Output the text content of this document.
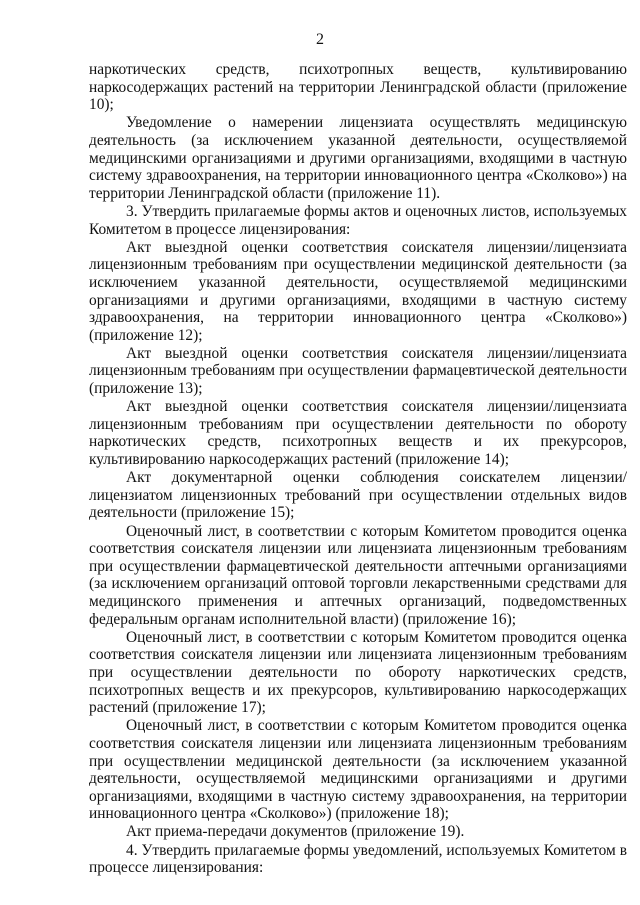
2

наркотических средств, психотропных веществ, культивированию наркосодержащих растений на территории Ленинградской области (приложение 10);

Уведомление о намерении лицензиата осуществлять медицинскую деятельность (за исключением указанной деятельности, осуществляемой медицинскими организациями и другими организациями, входящими в частную систему здравоохранения, на территории инновационного центра «Сколково») на территории Ленинградской области (приложение 11).

3. Утвердить прилагаемые формы актов и оценочных листов, используемых Комитетом в процессе лицензирования:

Акт выездной оценки соответствия соискателя лицензии/лицензиата лицензионным требованиям при осуществлении медицинской деятельности (за исключением указанной деятельности, осуществляемой медицинскими организациями и другими организациями, входящими в частную систему здравоохранения, на территории инновационного центра «Сколково») (приложение 12);

Акт выездной оценки соответствия соискателя лицензии/лицензиата лицензионным требованиям при осуществлении фармацевтической деятельности (приложение 13);

Акт выездной оценки соответствия соискателя лицензии/лицензиата лицензионным требованиям при осуществлении деятельности по обороту наркотических средств, психотропных веществ и их прекурсоров, культивированию наркосодержащих растений (приложение 14);

Акт документарной оценки соблюдения соискателем лицензии/лицензиатом лицензионных требований при осуществлении отдельных видов деятельности (приложение 15);

Оценочный лист, в соответствии с которым Комитетом проводится оценка соответствия соискателя лицензии или лицензиата лицензионным требованиям при осуществлении фармацевтической деятельности аптечными организациями (за исключением организаций оптовой торговли лекарственными средствами для медицинского применения и аптечных организаций, подведомственных федеральным органам исполнительной власти) (приложение 16);

Оценочный лист, в соответствии с которым Комитетом проводится оценка соответствия соискателя лицензии или лицензиата лицензионным требованиям при осуществлении деятельности по обороту наркотических средств, психотропных веществ и их прекурсоров, культивированию наркосодержащих растений (приложение 17);

Оценочный лист, в соответствии с которым Комитетом проводится оценка соответствия соискателя лицензии или лицензиата лицензионным требованиям при осуществлении медицинской деятельности (за исключением указанной деятельности, осуществляемой медицинскими организациями и другими организациями, входящими в частную систему здравоохранения, на территории инновационного центра «Сколково») (приложение 18);

Акт приема-передачи документов (приложение 19).

4. Утвердить прилагаемые формы уведомлений, используемых Комитетом в процессе лицензирования:
